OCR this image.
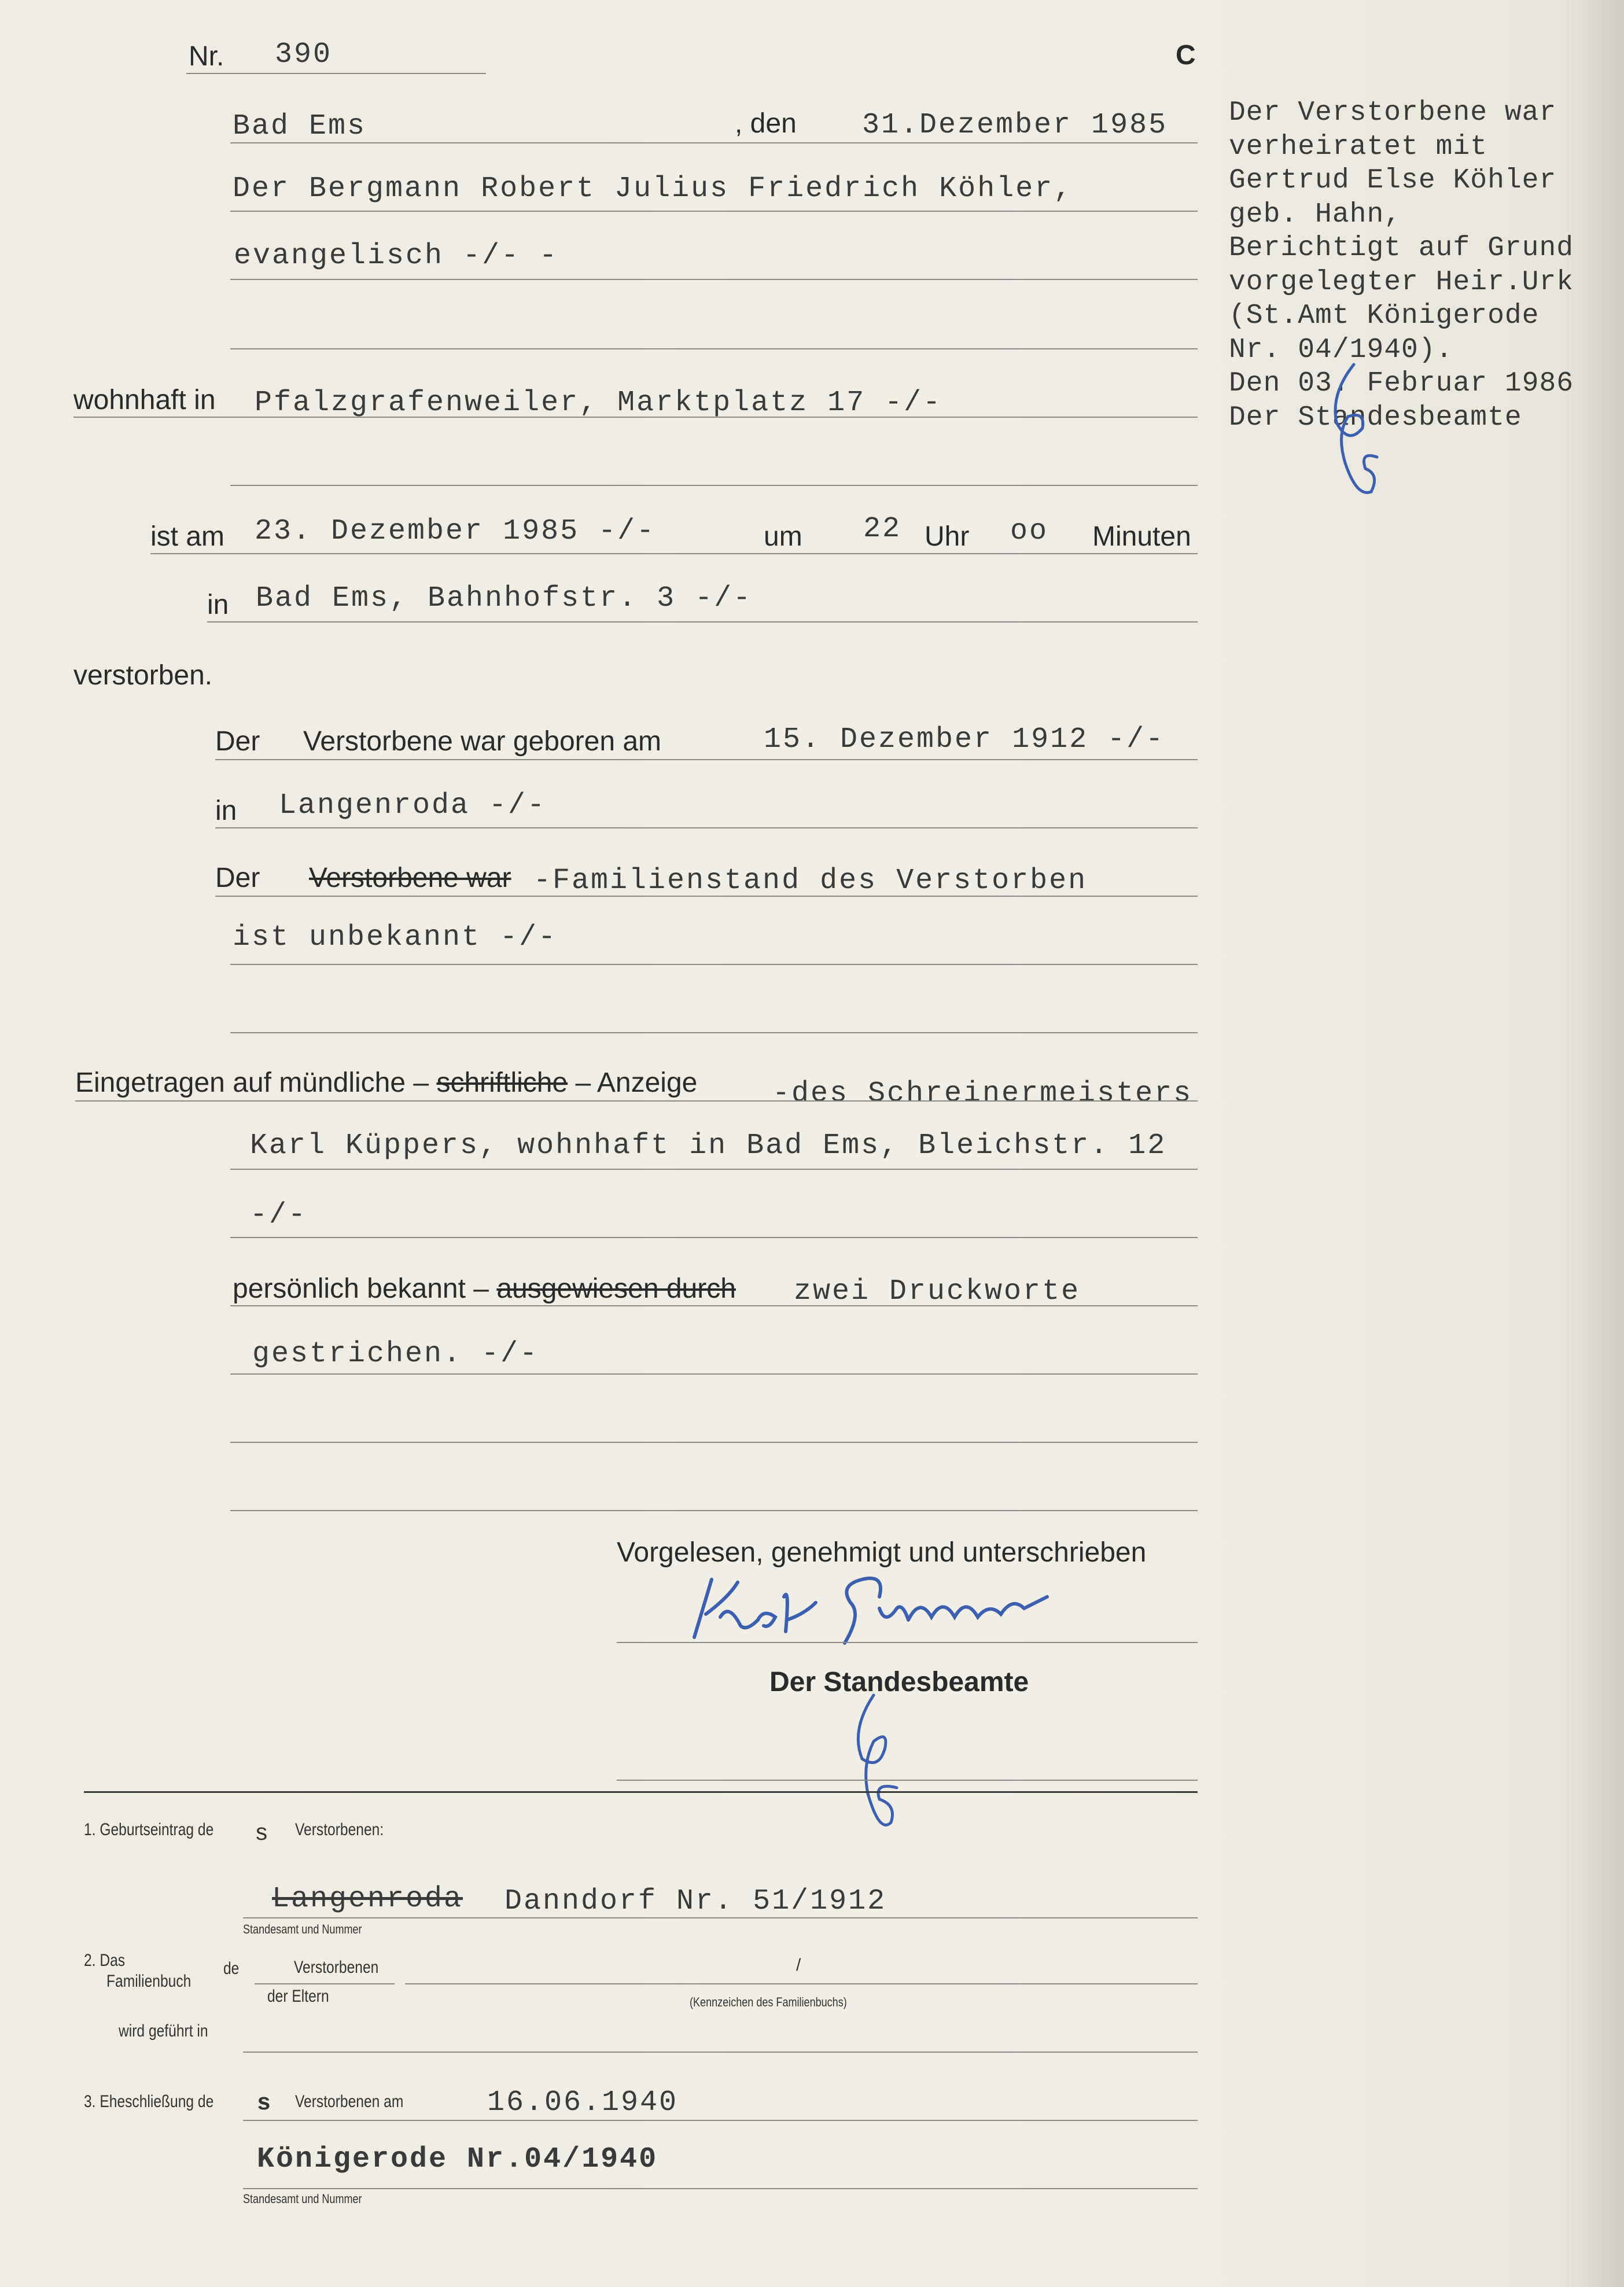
Nr. 390	C
Bad Ems	, den 31.Dezember 1985
Der Bergmann Robert Julius Friedrich Köhler,
evangelisch -/- -
wohnhaft in Pfalzgrafenweiler, Marktplatz 17 -/-
ist am 23. Dezember 1985 -/-	um 22 Uhr oo Minuten
in Bad Ems, Bahnhofstr. 3 -/-
verstorben.
Der Verstorbene war geboren am	15. Dezember 1912 -/-
in Langenroda -/-
Der Verstorbene war -Familienstand des Verstorben
ist unbekannt -/-
Eingetragen auf mündliche – schriftliche – Anzeige	-des Schreinermeisters
Karl Küppers, wohnhaft in Bad Ems, Bleichstr. 12
-/-
persönlich bekannt – ausgewiesen durch zwei Druckworte
gestrichen. -/-
Vorgelesen, genehmigt und unterschrieben
Der Standesbeamte
1. Geburtseintrag de s Verstorbenen:
Langenroda Danndorf Nr. 51/1912
Standesamt und Nummer
2. Das
Familienbuch
de	Verstorbenen
der Eltern
/
(Kennzeichen des Familienbuchs)
wird geführt in
3. Eheschließung de s Verstorbenen am	16.06.1940
Königerode Nr.04/1940
Standesamt und Nummer
Der Verstorbene war
verheiratet mit
Gertrud Else Köhler
geb. Hahn,
Berichtigt auf Grund
vorgelegter Heir.Urk
(St.Amt Königerode
Nr. 04/1940).
Den 03. Februar 1986
Der Standesbeamte
